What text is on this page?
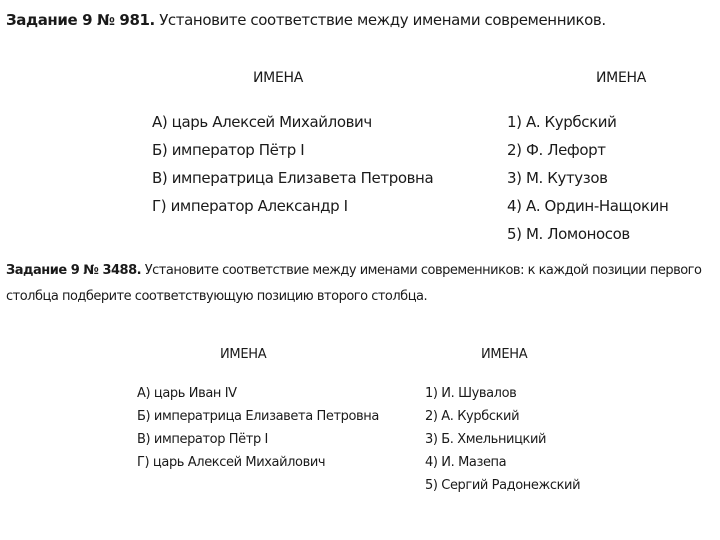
Задание 9 № 981. Установите соответствие между именами современников.
ИМЕНА	ИМЕНА
А) царь Алексей Михайлович
Б) император Пётр I
В) императрица Елизавета Петровна
Г) император Александр I
1) А. Курбский
2) Ф. Лефорт
3) М. Кутузов
4) А. Ордин-Нащокин
5) М. Ломоносов
Задание 9 № 3488. Установите соответствие между именами современников: к каждой позиции первого столбца подберите соответствующую позицию второго столбца.
ИМЕНА	ИМЕНА
А) царь Иван IV
Б) императрица Елизавета Петровна
В) император Пётр I
Г) царь Алексей Михайлович
1) И. Шувалов
2) А. Курбский
3) Б. Хмельницкий
4) И. Мазепа
5) Сергий Радонежский
